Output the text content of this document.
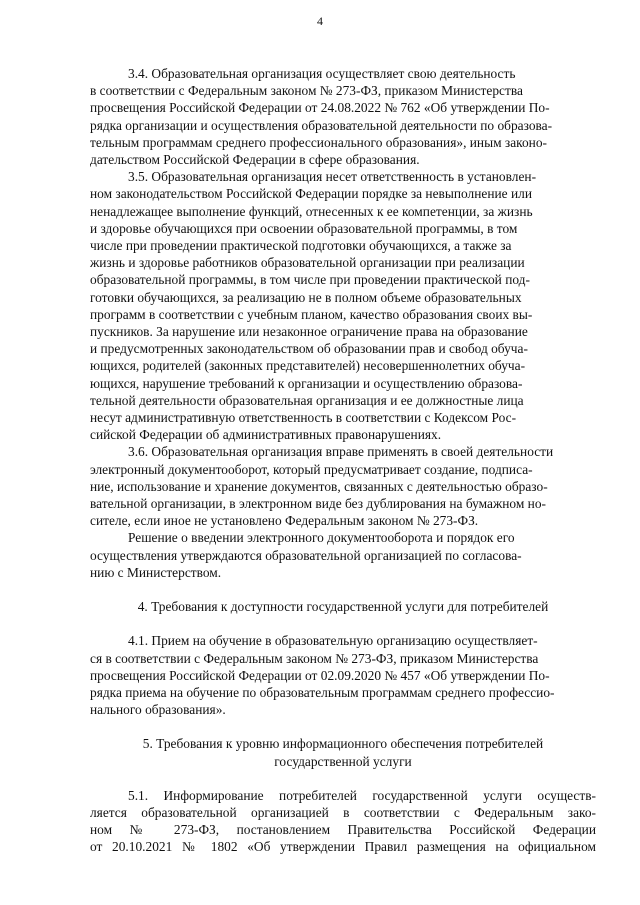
4

3.4. Образовательная организация осуществляет свою деятельность
в соответствии с Федеральным законом № 273-ФЗ, приказом Министерства
просвещения Российской Федерации от 24.08.2022 № 762 «Об утверждении По-
рядка организации и осуществления образовательной деятельности по образова-
тельным программам среднего профессионального образования», иным законо-
дательством Российской Федерации в сфере образования.

3.5. Образовательная организация несет ответственность в установлен-
ном законодательством Российской Федерации порядке за невыполнение или
ненадлежащее выполнение функций, отнесенных к ее компетенции, за жизнь
и здоровье обучающихся при освоении образовательной программы, в том
числе при проведении практической подготовки обучающихся, а также за
жизнь и здоровье работников образовательной организации при реализации
образовательной программы, в том числе при проведении практической под-
готовки обучающихся, за реализацию не в полном объеме образовательных
программ в соответствии с учебным планом, качество образования своих вы-
пускников. За нарушение или незаконное ограничение права на образование
и предусмотренных законодательством об образовании прав и свобод обуча-
ющихся, родителей (законных представителей) несовершеннолетних обуча-
ющихся, нарушение требований к организации и осуществлению образова-
тельной деятельности образовательная организация и ее должностные лица
несут административную ответственность в соответствии с Кодексом Рос-
сийской Федерации об административных правонарушениях.

3.6. Образовательная организация вправе применять в своей деятельности
электронный документооборот, который предусматривает создание, подписа-
ние, использование и хранение документов, связанных с деятельностью образо-
вательной организации, в электронном виде без дублирования на бумажном но-
сителе, если иное не установлено Федеральным законом № 273-ФЗ.

Решение о введении электронного документооборота и порядок его
осуществления утверждаются образовательной организацией по согласова-
нию с Министерством.

4. Требования к доступности государственной услуги для потребителей

4.1. Прием на обучение в образовательную организацию осуществляет-
ся в соответствии с Федеральным законом № 273-ФЗ, приказом Министерства
просвещения Российской Федерации от 02.09.2020 № 457 «Об утверждении По-
рядка приема на обучение по образовательным программам среднего профессио-
нального образования».

5. Требования к уровню информационного обеспечения потребителей
государственной услуги

5.1. Информирование потребителей государственной услуги осуществ-
ляется образовательной организацией в соответствии с Федеральным зако-
ном № 273-ФЗ, постановлением Правительства Российской Федерации
от 20.10.2021 № 1802 «Об утверждении Правил размещения на официальном
